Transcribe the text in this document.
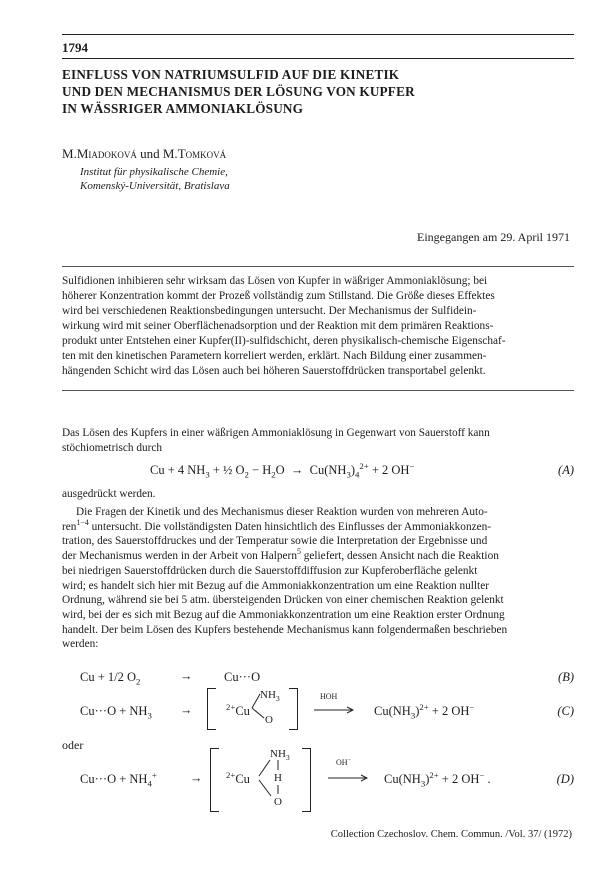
1794
EINFLUSS VON NATRIUMSULFID AUF DIE KINETIK
UND DEN MECHANISMUS DER LÖSUNG VON KUPFER
IN WÄSSRIGER AMMONIAKLÖSUNG
M.Miadoková und M.Tomková
Institut für physikalische Chemie,
Komenský-Universität, Bratislava
Eingegangen am 29. April 1971
Sulfidionen inhibieren sehr wirksam das Lösen von Kupfer in wäßriger Ammoniaklösung; bei
höherer Konzentration kommt der Prozeß vollständig zum Stillstand. Die Größe dieses Effektes
wird bei verschiedenen Reaktionsbedingungen untersucht. Der Mechanismus der Sulfidein-
wirkung wird mit seiner Oberflächenadsorption und der Reaktion mit dem primären Reaktions-
produkt unter Entstehen einer Kupfer(II)-sulfidschicht, deren physikalisch-chemische Eigenschaf-
ten mit den kinetischen Parametern korreliert werden, erklärt. Nach Bildung einer zusammen-
hängenden Schicht wird das Lösen auch bei höheren Sauerstoffdrücken transportabel gelenkt.
Das Lösen des Kupfers in einer wäßrigen Ammoniaklösung in Gegenwart von Sauerstoff kann
stöchiometrisch durch
Cu + 4 $NH_3$ + ½ $O_2 - H_2O \to Cu(NH_3)_4^{2+} + 2$ OH−	(A)
ausgedrückt werden.
Die Fragen der Kinetik und des Mechanismus dieser Reaktion wurden von mehreren Auto-
ren$^{1-4}$ untersucht. Die vollständigsten Daten hinsichtlich des Einflusses der Ammoniakkonzen-
tration, des Sauerstoffdruckes und der Temperatur sowie die Interpretation der Ergebnisse und
der Mechanismus werden in der Arbeit von Halpern$^5$ geliefert, dessen Ansicht nach die Reaktion
bei niedrigen Sauerstoffdrücken durch die Sauerstoffdiffusion zur Kupferoberfläche gelenkt
wird; es handelt sich hier mit Bezug auf die Ammoniakkonzentration um eine Reaktion nullter
Ordnung, während sie bei 5 atm. übersteigenden Drücken von einer chemischen Reaktion gelenkt
wird, bei der es sich mit Bezug auf die Ammoniakkonzentration um eine Reaktion erster Ordnung
handelt. Der beim Lösen des Kupfers bestehende Mechanismus kann folgendermaßen beschrieben
werden:
Cu + 1/2 $O_2$	→	Cu···O	(B)
$Cu\cdot\cdot\cdot O + NH_3$ →	$^{2+}$Cu
$NH_3$
O
HOH
→ $Cu(NH_3)^{2+} + 2$ OH−	(C)
oder
$Cu\cdot\cdot\cdot O + NH_4^+$	→	$^{2+}$Cu
$NH_3$
H
O
OH−
→ $Cu(NH_3)^{2+} + 2$ OH− .	(D)
Collection Czechoslov. Chem. Commun. /Vol. 37/ (1972)
